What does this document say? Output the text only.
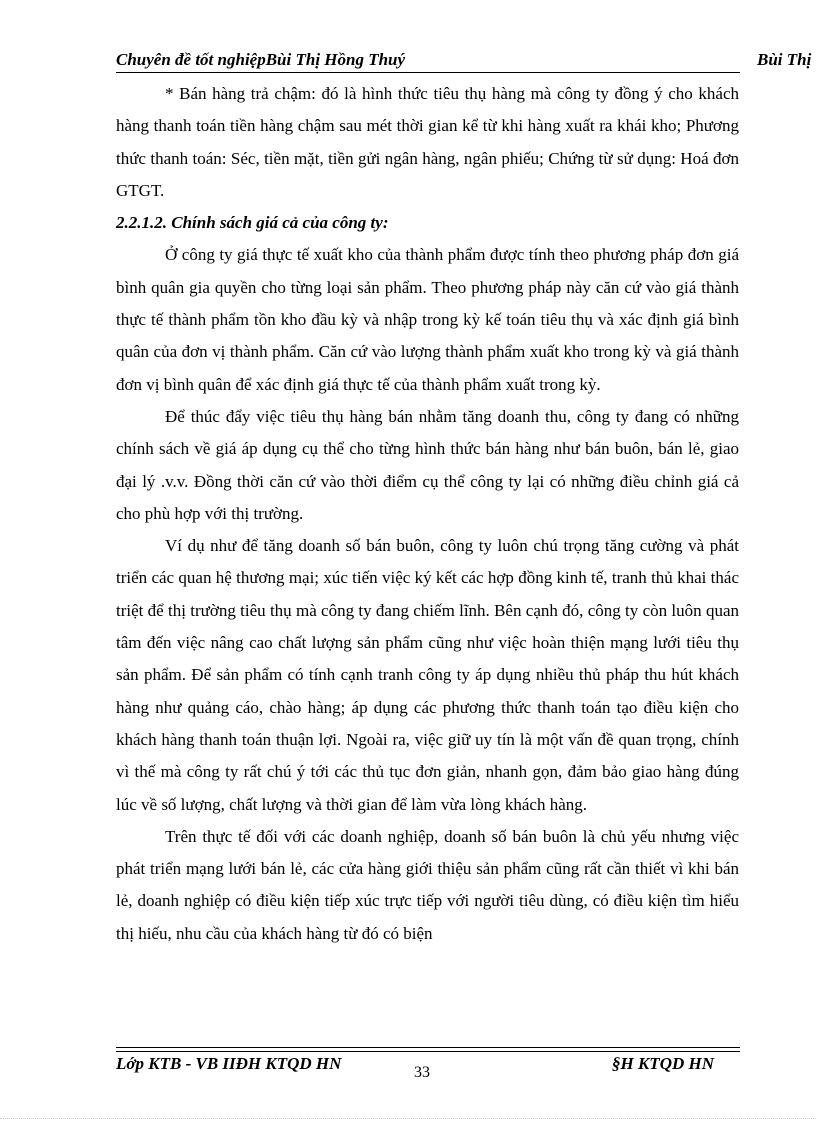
Chuyên đề tốt nghiệpBùi Thị Hồng Thuý	Bùi Thị

* Bán hàng trả chậm: đó là hình thức tiêu thụ hàng mà công ty đồng ý cho khách hàng thanh toán tiền hàng chậm sau mét thời gian kể từ khi hàng xuất ra khái kho; Phương thức thanh toán: Séc, tiền mặt, tiền gửi ngân hàng, ngân phiếu; Chứng từ sử dụng: Hoá đơn GTGT.

2.2.1.2. Chính sách giá cả của công ty:

Ở công ty giá thực tế xuất kho của thành phẩm được tính theo phương pháp đơn giá bình quân gia quyền cho từng loại sản phẩm. Theo phương pháp này căn cứ vào giá thành thực tế thành phẩm tồn kho đầu kỳ và nhập trong kỳ kế toán tiêu thụ và xác định giá bình quân của đơn vị thành phẩm. Căn cứ vào lượng thành phẩm xuất kho trong kỳ và giá thành đơn vị bình quân để xác định giá thực tế của thành phẩm xuất trong kỳ.

Để thúc đẩy việc tiêu thụ hàng bán nhằm tăng doanh thu, công ty đang có những chính sách về giá áp dụng cụ thể cho từng hình thức bán hàng như bán buôn, bán lẻ, giao đại lý .v.v. Đồng thời căn cứ vào thời điểm cụ thể công ty lại có những điều chỉnh giá cả cho phù hợp với thị trường.

Ví dụ như để tăng doanh số bán buôn, công ty luôn chú trọng tăng cường và phát triển các quan hệ thương mại; xúc tiến việc ký kết các hợp đồng kinh tế, tranh thủ khai thác triệt để thị trường tiêu thụ mà công ty đang chiếm lĩnh. Bên cạnh đó, công ty còn luôn quan tâm đến việc nâng cao chất lượng sản phẩm cũng như việc hoàn thiện mạng lưới tiêu thụ sản phẩm. Để sản phẩm có tính cạnh tranh công ty áp dụng nhiều thủ pháp thu hút khách hàng như quảng cáo, chào hàng; áp dụng các phương thức thanh toán tạo điều kiện cho khách hàng thanh toán thuận lợi. Ngoài ra, việc giữ uy tín là một vấn đề quan trọng, chính vì thế mà công ty rất chú ý tới các thủ tục đơn giản, nhanh gọn, đảm bảo giao hàng đúng lúc về số lượng, chất lượng và thời gian để làm vừa lòng khách hàng.

Trên thực tế đối với các doanh nghiệp, doanh số bán buôn là chủ yếu nhưng việc phát triển mạng lưới bán lẻ, các cửa hàng giới thiệu sản phẩm cũng rất cần thiết vì khi bán lẻ, doanh nghiệp có điều kiện tiếp xúc trực tiếp với người tiêu dùng, có điều kiện tìm hiểu thị hiếu, nhu cầu của khách hàng từ đó có biện

Lớp KTB - VB IIĐH KTQD HN	33	§H KTQD HN
